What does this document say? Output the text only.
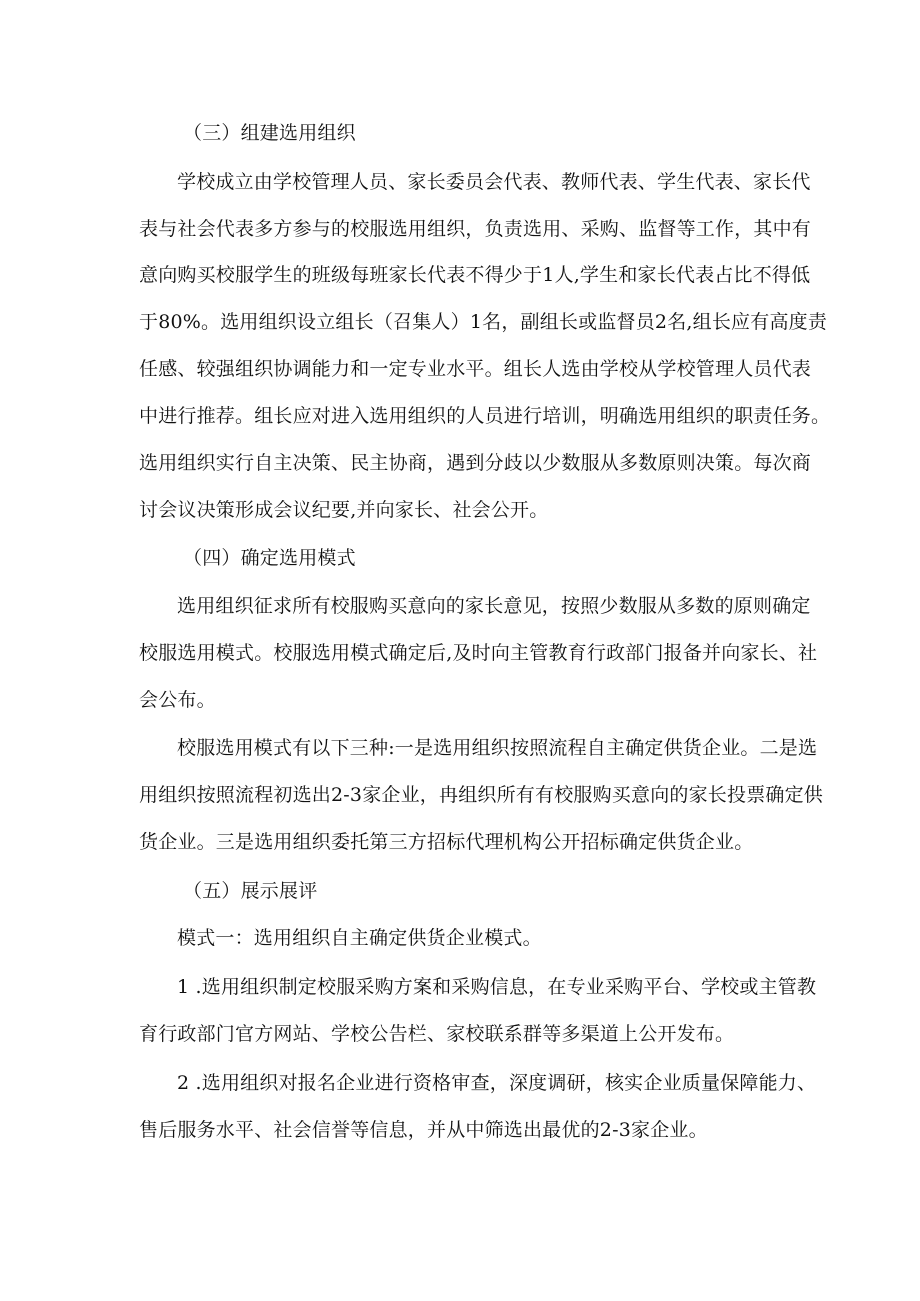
（三）组建选用组织
学校成立由学校管理人员、家长委员会代表、教师代表、学生代表、家长代
表与社会代表多方参与的校服选用组织，负责选用、采购、监督等工作，其中有
意向购买校服学生的班级每班家长代表不得少于1人,学生和家长代表占比不得低
于80%。选用组织设立组长（召集人）1名，副组长或监督员2名,组长应有高度责
任感、较强组织协调能力和一定专业水平。组长人选由学校从学校管理人员代表
中进行推荐。组长应对进入选用组织的人员进行培训，明确选用组织的职责任务。
选用组织实行自主决策、民主协商，遇到分歧以少数服从多数原则决策。每次商
讨会议决策形成会议纪要,并向家长、社会公开。
（四）确定选用模式
选用组织征求所有校服购买意向的家长意见，按照少数服从多数的原则确定
校服选用模式。校服选用模式确定后,及时向主管教育行政部门报备并向家长、社
会公布。
校服选用模式有以下三种:一是选用组织按照流程自主确定供货企业。二是选
用组织按照流程初选出2-3家企业，冉组织所有有校服购买意向的家长投票确定供
货企业。三是选用组织委托第三方招标代理机构公开招标确定供货企业。
（五）展示展评
模式一：选用组织自主确定供货企业模式。
1 .选用组织制定校服采购方案和采购信息，在专业采购平台、学校或主管教
育行政部门官方网站、学校公告栏、家校联系群等多渠道上公开发布。
2 .选用组织对报名企业进行资格审查，深度调研，核实企业质量保障能力、
售后服务水平、社会信誉等信息，并从中筛选出最优的2-3家企业。
